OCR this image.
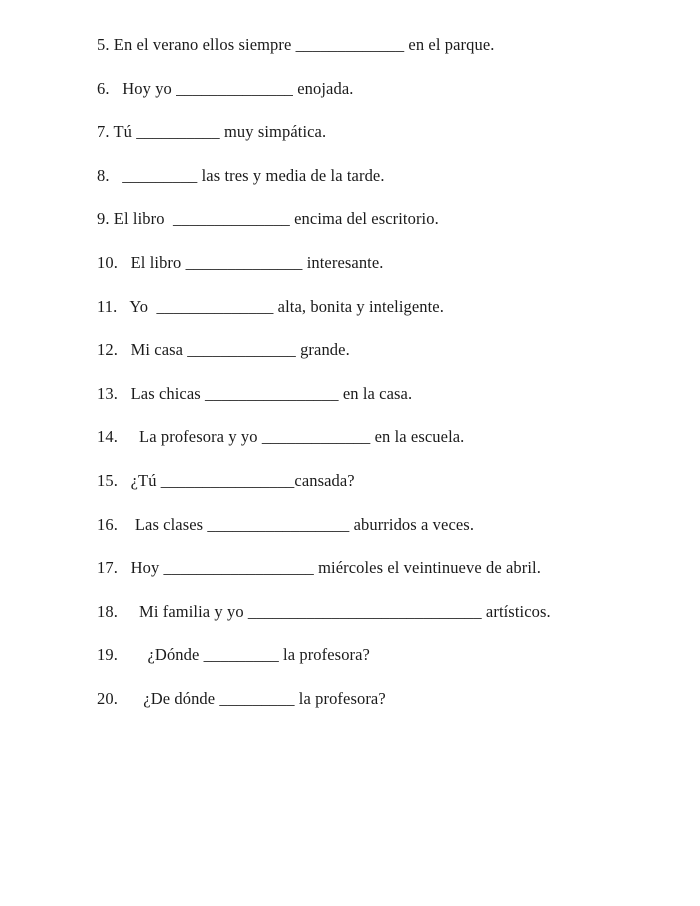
5. En el verano ellos siempre _____________ en el parque.
6.   Hoy yo ______________ enojada.
7. Tú __________ muy simpática.
8.   _________ las tres y media de la tarde.
9. El libro  ______________ encima del escritorio.
10.   El libro ______________ interesante.
11.   Yo  ______________ alta, bonita y inteligente.
12.   Mi casa _____________ grande.
13.   Las chicas ________________ en la casa.
14.     La profesora y yo _____________ en la escuela.
15.   ¿Tú ________________cansada?
16.    Las clases _________________ aburridos a veces.
17.   Hoy __________________ miércoles el veintinueve de abril.
18.     Mi familia y yo ____________________________ artísticos.
19.       ¿Dónde _________ la profesora?
20.      ¿De dónde _________ la profesora?
